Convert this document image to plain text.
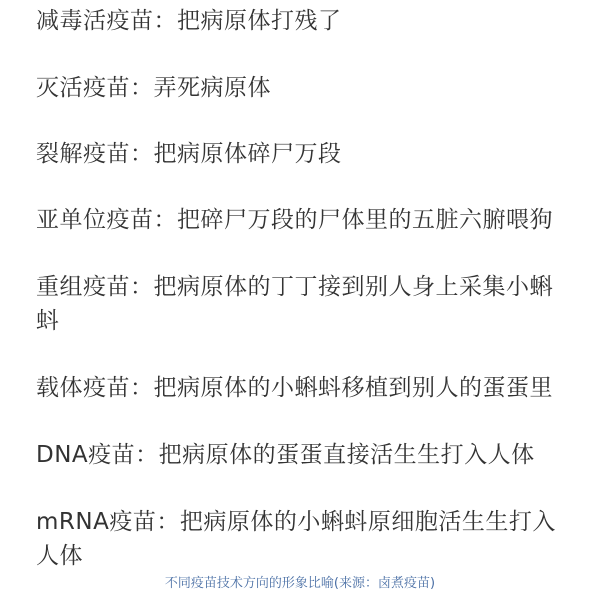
减毒活疫苗：把病原体打残了
灭活疫苗：弄死病原体
裂解疫苗：把病原体碎尸万段
亚单位疫苗：把碎尸万段的尸体里的五脏六腑喂狗
重组疫苗：把病原体的丁丁接到别人身上采集小蝌蚪
载体疫苗：把病原体的小蝌蚪移植到别人的蛋蛋里
DNA疫苗：把病原体的蛋蛋直接活生生打入人体
mRNA疫苗：把病原体的小蝌蚪原细胞活生生打入人体
不同疫苗技术方向的形象比喻(来源：卤煮疫苗)
